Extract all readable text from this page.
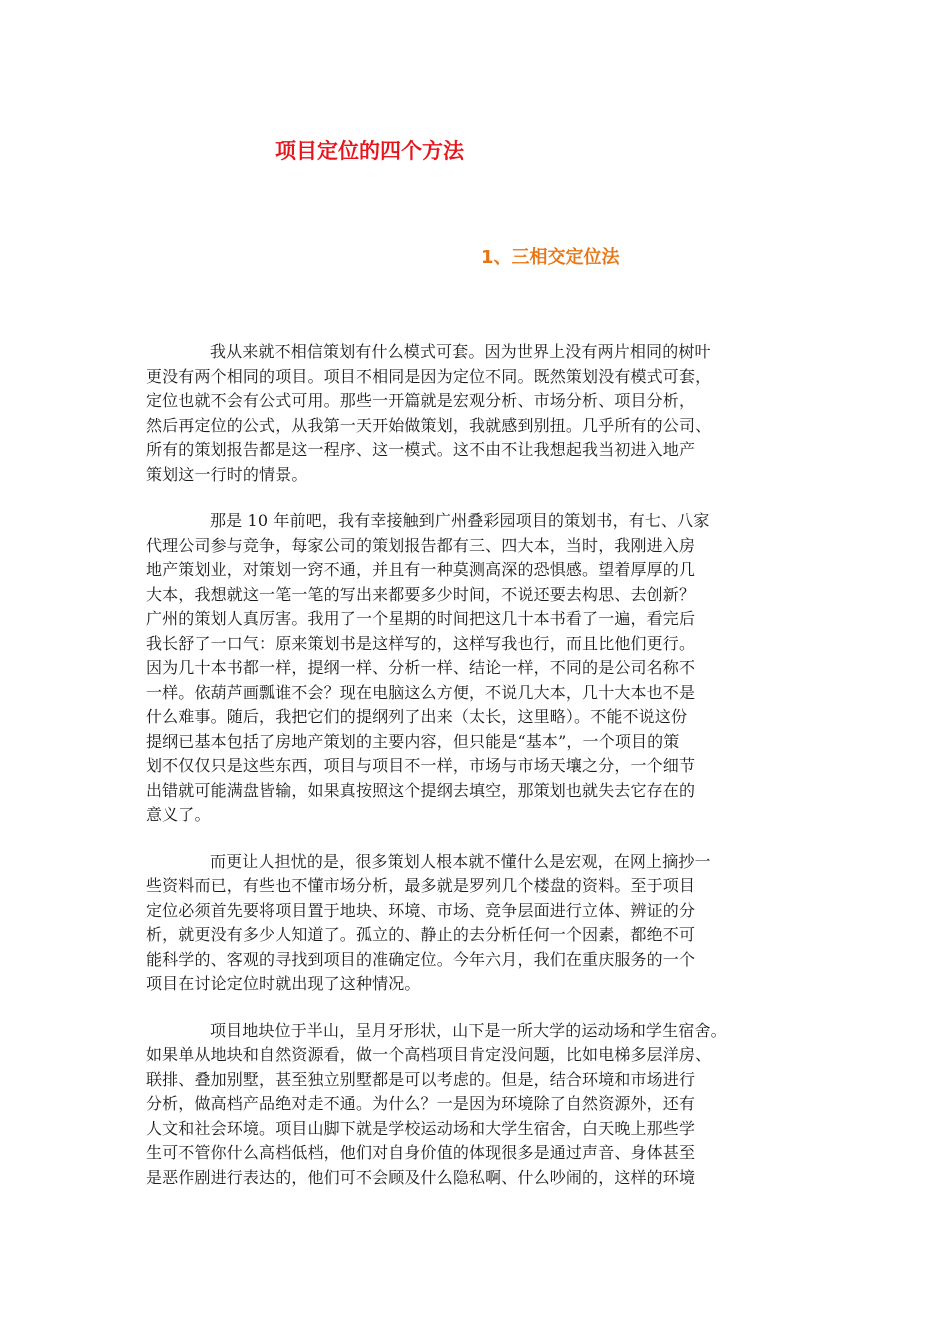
项目定位的四个方法
1、三相交定位法
我从来就不相信策划有什么模式可套。因为世界上没有两片相同的树叶
更没有两个相同的项目。项目不相同是因为定位不同。既然策划没有模式可套，
定位也就不会有公式可用。那些一开篇就是宏观分析、市场分析、项目分析，
然后再定位的公式，从我第一天开始做策划，我就感到别扭。几乎所有的公司、
所有的策划报告都是这一程序、这一模式。这不由不让我想起我当初进入地产
策划这一行时的情景。
那是 10 年前吧，我有幸接触到广州叠彩园项目的策划书，有七、八家
代理公司参与竞争，每家公司的策划报告都有三、四大本，当时，我刚进入房
地产策划业，对策划一窍不通，并且有一种莫测高深的恐惧感。望着厚厚的几
大本，我想就这一笔一笔的写出来都要多少时间，不说还要去构思、去创新？
广州的策划人真厉害。我用了一个星期的时间把这几十本书看了一遍，看完后
我长舒了一口气：原来策划书是这样写的，这样写我也行，而且比他们更行。
因为几十本书都一样，提纲一样、分析一样、结论一样，不同的是公司名称不
一样。依葫芦画瓢谁不会？现在电脑这么方便，不说几大本，几十大本也不是
什么难事。随后，我把它们的提纲列了出来（太长，这里略）。不能不说这份
提纲已基本包括了房地产策划的主要内容，但只能是“基本”，一个项目的策
划不仅仅只是这些东西，项目与项目不一样，市场与市场天壤之分，一个细节
出错就可能满盘皆输，如果真按照这个提纲去填空，那策划也就失去它存在的
意义了。
而更让人担忧的是，很多策划人根本就不懂什么是宏观，在网上摘抄一
些资料而已，有些也不懂市场分析，最多就是罗列几个楼盘的资料。至于项目
定位必须首先要将项目置于地块、环境、市场、竞争层面进行立体、辨证的分
析，就更没有多少人知道了。孤立的、静止的去分析任何一个因素，都绝不可
能科学的、客观的寻找到项目的准确定位。今年六月，我们在重庆服务的一个
项目在讨论定位时就出现了这种情况。
项目地块位于半山，呈月牙形状，山下是一所大学的运动场和学生宿舍。
如果单从地块和自然资源看，做一个高档项目肯定没问题，比如电梯多层洋房、
联排、叠加别墅，甚至独立别墅都是可以考虑的。但是，结合环境和市场进行
分析，做高档产品绝对走不通。为什么？一是因为环境除了自然资源外，还有
人文和社会环境。项目山脚下就是学校运动场和大学生宿舍，白天晚上那些学
生可不管你什么高档低档，他们对自身价值的体现很多是通过声音、身体甚至
是恶作剧进行表达的，他们可不会顾及什么隐私啊、什么吵闹的，这样的环境
